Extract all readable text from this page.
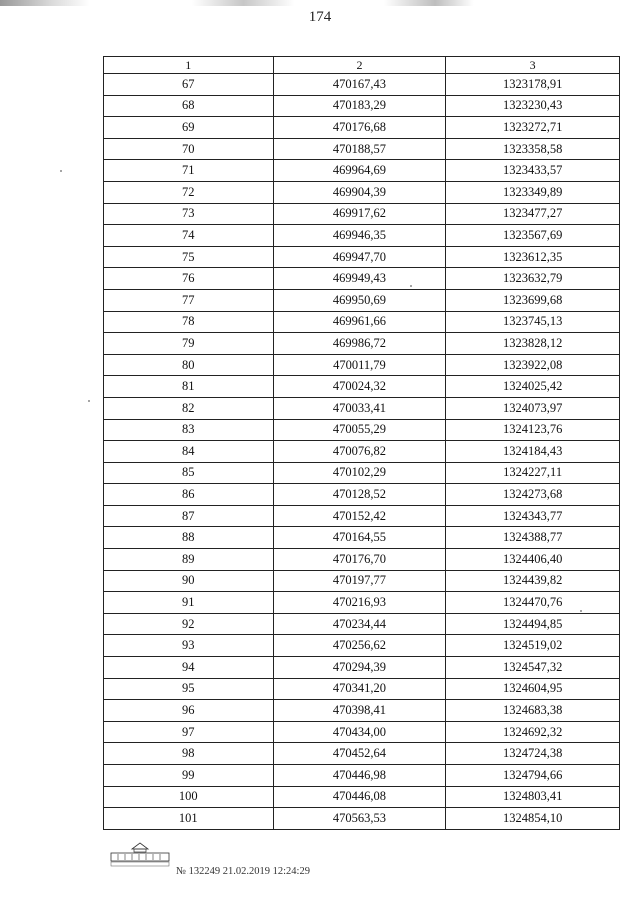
174
1	2	3
67	470167,43	1323178,91
68	470183,29	1323230,43
69	470176,68	1323272,71
70	470188,57	1323358,58
71	469964,69	1323433,57
72	469904,39	1323349,89
73	469917,62	1323477,27
74	469946,35	1323567,69
75	469947,70	1323612,35
76	469949,43	1323632,79
77	469950,69	1323699,68
78	469961,66	1323745,13
79	469986,72	1323828,12
80	470011,79	1323922,08
81	470024,32	1324025,42
82	470033,41	1324073,97
83	470055,29	1324123,76
84	470076,82	1324184,43
85	470102,29	1324227,11
86	470128,52	1324273,68
87	470152,42	1324343,77
88	470164,55	1324388,77
89	470176,70	1324406,40
90	470197,77	1324439,82
91	470216,93	1324470,76
92	470234,44	1324494,85
93	470256,62	1324519,02
94	470294,39	1324547,32
95	470341,20	1324604,95
96	470398,41	1324683,38
97	470434,00	1324692,32
98	470452,64	1324724,38
99	470446,98	1324794,66
100	470446,08	1324803,41
101	470563,53	1324854,10
№ 132249 21.02.2019 12:24:29
